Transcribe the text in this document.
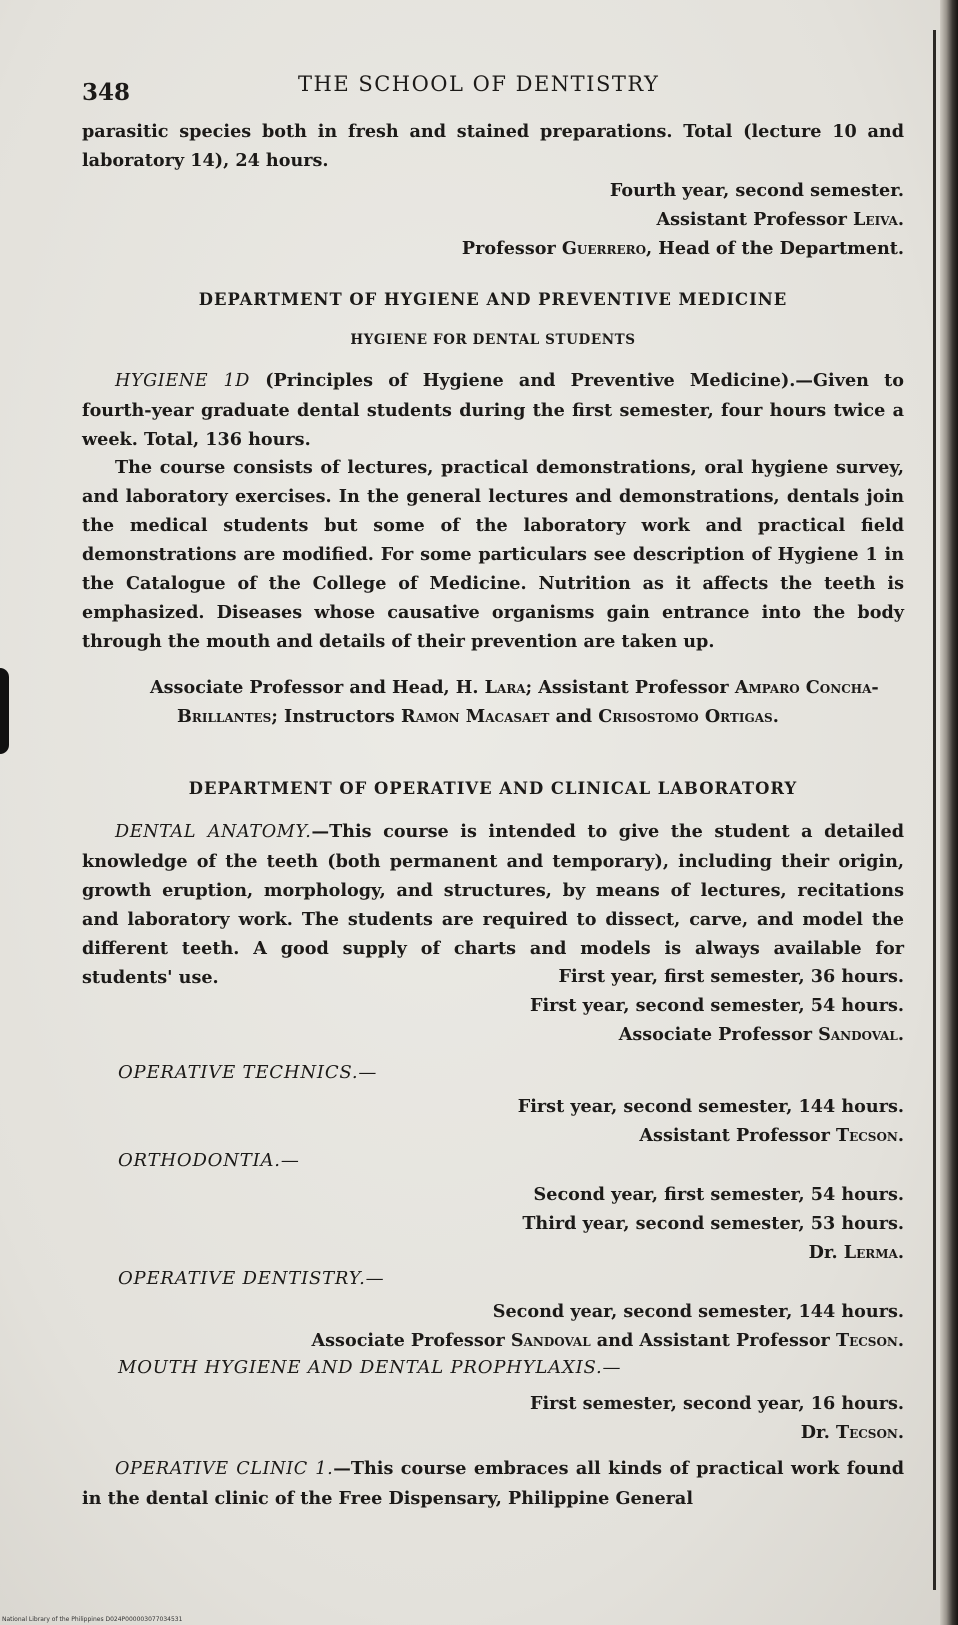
348	THE SCHOOL OF DENTISTRY
parasitic species both in fresh and stained preparations. Total (lecture 10 and laboratory 14), 24 hours.
Fourth year, second semester.
Assistant Professor Leiva.
Professor Guerrero, Head of the Department.
DEPARTMENT OF HYGIENE AND PREVENTIVE MEDICINE
HYGIENE FOR DENTAL STUDENTS
HYGIENE 1D (Principles of Hygiene and Preventive Medicine).—Given to fourth-year graduate dental students during the first semester, four hours twice a week. Total, 136 hours.
The course consists of lectures, practical demonstrations, oral hygiene survey, and laboratory exercises. In the general lectures and demonstrations, dentals join the medical students but some of the laboratory work and practical field demonstrations are modified. For some particulars see description of Hygiene 1 in the Catalogue of the College of Medicine. Nutrition as it affects the teeth is emphasized. Diseases whose causative organisms gain entrance into the body through the mouth and details of their prevention are taken up.
Associate Professor and Head, H. Lara; Assistant Professor Amparo Concha-Brillantes; Instructors Ramon Macasaet and Crisostomo Ortigas.
DEPARTMENT OF OPERATIVE AND CLINICAL LABORATORY
DENTAL ANATOMY.—This course is intended to give the student a detailed knowledge of the teeth (both permanent and temporary), including their origin, growth eruption, morphology, and structures, by means of lectures, recitations and laboratory work. The students are required to dissect, carve, and model the different teeth. A good supply of charts and models is always available for students' use.	First year, first semester, 36 hours.
First year, second semester, 54 hours.
Associate Professor Sandoval.
OPERATIVE TECHNICS.—
First year, second semester, 144 hours.
Assistant Professor Tecson.
ORTHODONTIA.—
Second year, first semester, 54 hours.
Third year, second semester, 53 hours.
Dr. Lerma.
OPERATIVE DENTISTRY.—
Second year, second semester, 144 hours.
Associate Professor Sandoval and Assistant Professor Tecson.
MOUTH HYGIENE AND DENTAL PROPHYLAXIS.—
First semester, second year, 16 hours.
Dr. Tecson.
OPERATIVE CLINIC 1.—This course embraces all kinds of practical work found in the dental clinic of the Free Dispensary, Philippine General
National Library of the Philippines D024P000003077034531
